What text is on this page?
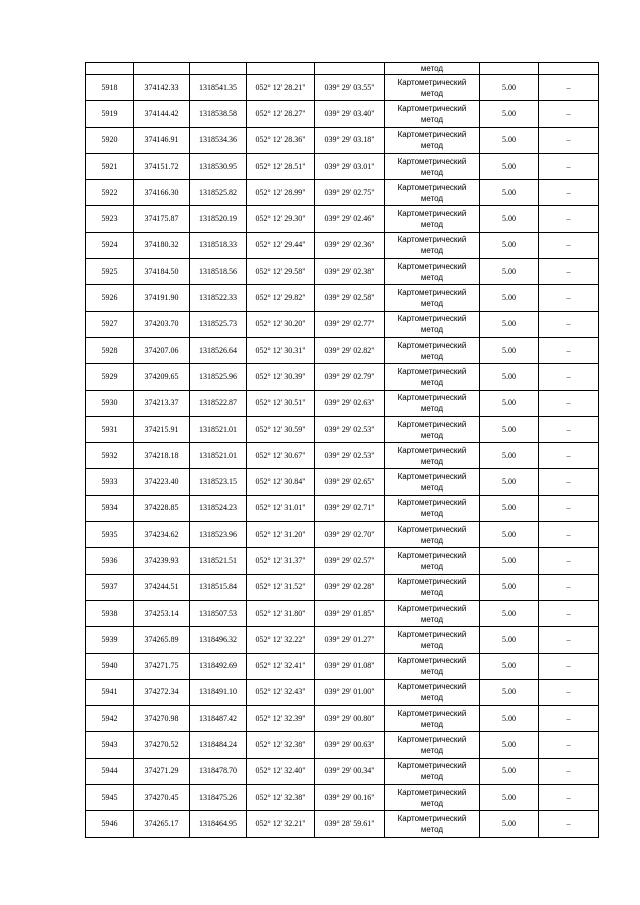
					метод		
5918	374142.33	1318541.35	052° 12' 28.21"	039° 29' 03.55"	Картометрический метод	5.00	–
5919	374144.42	1318538.58	052° 12' 28.27"	039° 29' 03.40"	Картометрический метод	5.00	–
5920	374146.91	1318534.36	052° 12' 28.36"	039° 29' 03.18"	Картометрический метод	5.00	–
5921	374151.72	1318530.95	052° 12' 28.51"	039° 29' 03.01"	Картометрический метод	5.00	–
5922	374166.30	1318525.82	052° 12' 28.99"	039° 29' 02.75"	Картометрический метод	5.00	–
5923	374175.87	1318520.19	052° 12' 29.30"	039° 29' 02.46"	Картометрический метод	5.00	–
5924	374180.32	1318518.33	052° 12' 29.44"	039° 29' 02.36"	Картометрический метод	5.00	–
5925	374184.50	1318518.56	052° 12' 29.58"	039° 29' 02.38"	Картометрический метод	5.00	–
5926	374191.90	1318522.33	052° 12' 29.82"	039° 29' 02.58"	Картометрический метод	5.00	–
5927	374203.70	1318525.73	052° 12' 30.20"	039° 29' 02.77"	Картометрический метод	5.00	–
5928	374207.06	1318526.64	052° 12' 30.31"	039° 29' 02.82"	Картометрический метод	5.00	–
5929	374209.65	1318525.96	052° 12' 30.39"	039° 29' 02.79"	Картометрический метод	5.00	–
5930	374213.37	1318522.87	052° 12' 30.51"	039° 29' 02.63"	Картометрический метод	5.00	–
5931	374215.91	1318521.01	052° 12' 30.59"	039° 29' 02.53"	Картометрический метод	5.00	–
5932	374218.18	1318521.01	052° 12' 30.67"	039° 29' 02.53"	Картометрический метод	5.00	–
5933	374223.40	1318523.15	052° 12' 30.84"	039° 29' 02.65"	Картометрический метод	5.00	–
5934	374228.85	1318524.23	052° 12' 31.01"	039° 29' 02.71"	Картометрический метод	5.00	–
5935	374234.62	1318523.96	052° 12' 31.20"	039° 29' 02.70"	Картометрический метод	5.00	–
5936	374239.93	1318521.51	052° 12' 31.37"	039° 29' 02.57"	Картометрический метод	5.00	–
5937	374244.51	1318515.84	052° 12' 31.52"	039° 29' 02.28"	Картометрический метод	5.00	–
5938	374253.14	1318507.53	052° 12' 31.80"	039° 29' 01.85"	Картометрический метод	5.00	–
5939	374265.89	1318496.32	052° 12' 32.22"	039° 29' 01.27"	Картометрический метод	5.00	–
5940	374271.75	1318492.69	052° 12' 32.41"	039° 29' 01.08"	Картометрический метод	5.00	–
5941	374272.34	1318491.10	052° 12' 32.43"	039° 29' 01.00"	Картометрический метод	5.00	–
5942	374270.98	1318487.42	052° 12' 32.39"	039° 29' 00.80"	Картометрический метод	5.00	–
5943	374270.52	1318484.24	052° 12' 32.38"	039° 29' 00.63"	Картометрический метод	5.00	–
5944	374271.29	1318478.70	052° 12' 32.40"	039° 29' 00.34"	Картометрический метод	5.00	–
5945	374270.45	1318475.26	052° 12' 32.38"	039° 29' 00.16"	Картометрический метод	5.00	–
5946	374265.17	1318464.95	052° 12' 32.21"	039° 28' 59.61"	Картометрический метод	5.00	–
